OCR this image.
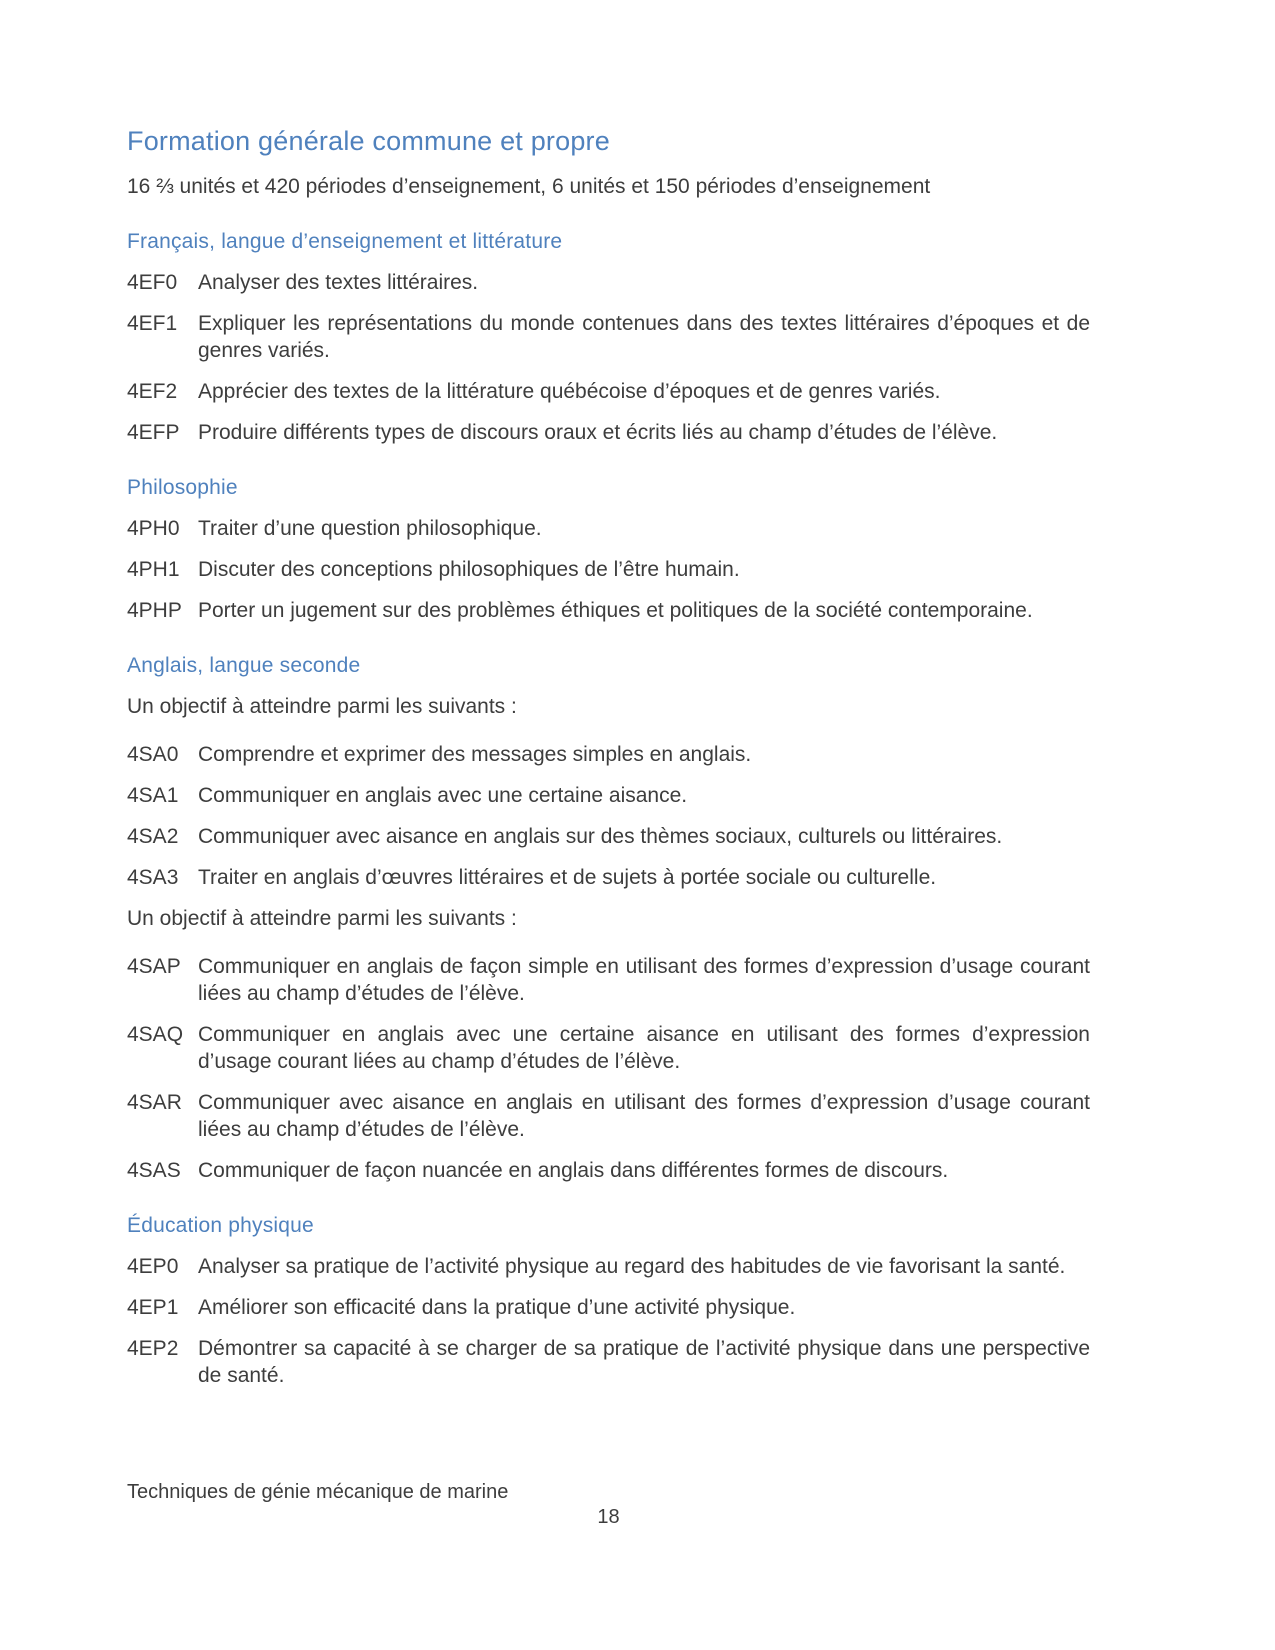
Formation générale commune et propre

16 ⅔ unités et 420 périodes d’enseignement, 6 unités et 150 périodes d’enseignement

Français, langue d’enseignement et littérature
4EF0 Analyser des textes littéraires.
4EF1 Expliquer les représentations du monde contenues dans des textes littéraires d’époques et de genres variés.
4EF2 Apprécier des textes de la littérature québécoise d’époques et de genres variés.
4EFP Produire différents types de discours oraux et écrits liés au champ d’études de l’élève.
Philosophie
4PH0 Traiter d’une question philosophique.
4PH1 Discuter des conceptions philosophiques de l’être humain.
4PHP Porter un jugement sur des problèmes éthiques et politiques de la société contemporaine.
Anglais, langue seconde

Un objectif à atteindre parmi les suivants :

4SA0 Comprendre et exprimer des messages simples en anglais.
4SA1 Communiquer en anglais avec une certaine aisance.
4SA2 Communiquer avec aisance en anglais sur des thèmes sociaux, culturels ou littéraires.
4SA3 Traiter en anglais d’œuvres littéraires et de sujets à portée sociale ou culturelle.

Un objectif à atteindre parmi les suivants :

4SAP Communiquer en anglais de façon simple en utilisant des formes d’expression d’usage courant liées au champ d’études de l’élève.
4SAQ Communiquer en anglais avec une certaine aisance en utilisant des formes d’expression d’usage courant liées au champ d’études de l’élève.
4SAR Communiquer avec aisance en anglais en utilisant des formes d’expression d’usage courant liées au champ d’études de l’élève.
4SAS Communiquer de façon nuancée en anglais dans différentes formes de discours.
Éducation physique
4EP0 Analyser sa pratique de l’activité physique au regard des habitudes de vie favorisant la santé.
4EP1 Améliorer son efficacité dans la pratique d’une activité physique.
4EP2 Démontrer sa capacité à se charger de sa pratique de l’activité physique dans une perspective de santé.
Techniques de génie mécanique de marine
18
